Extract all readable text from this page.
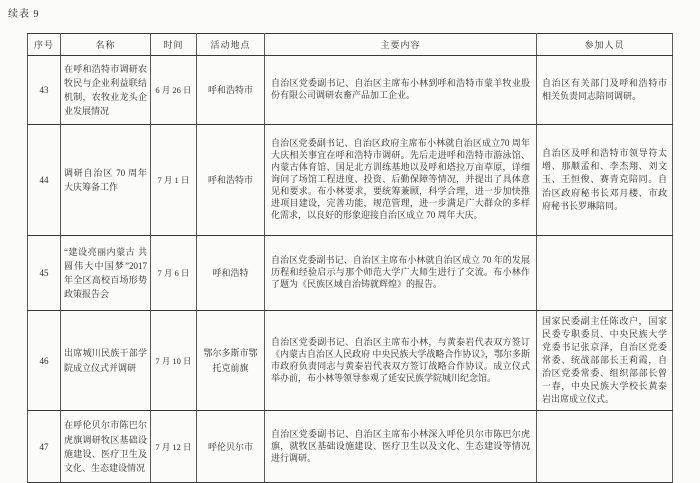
续表 9
序号	名称	时间	活动地点	主要内容	参加人员
43	在呼和浩特市调研农牧民与企业利益联结机制，农牧业龙头企业发展情况	6 月 26 日	呼和浩特市	自治区党委副书记、自治区主席布小林到呼和浩特市蒙羊牧业股份有限公司调研农畜产品加工企业。	自治区有关部门及呼和浩特市相关负责同志陪同调研。
44	调研自治区 70 周年大庆筹备工作	7 月 1 日	呼和浩特市	自治区党委副书记、自治区政府主席布小林就自治区成立70 周年大庆相关事宜在呼和浩特市调研。先后走进呼和浩特市游泳馆、内蒙古体育馆、国足北方训练基地以及呼和塔拉万亩草原，详细询问了场馆工程进度、投资、后勤保障等情况，并提出了具体意见和要求。布小林要求，要统筹兼顾，科学合理，进一步加快推进项目建设，完善功能，规范管理，进一步满足广大群众的多样化需求，以良好的形象迎接自治区成立 70 周年大庆。	自治区及呼和浩特市领导符太增、那顺孟和、李杰翔、刘文玉、王恒俊、赛青克陪同。自治区政府秘书长邓月楼、市政府秘书长罗琳陪同。
45	“建设亮丽内蒙古 共圆伟大中国梦”2017 年全区高校百场形势政策报告会	7 月 6 日	呼和浩特	自治区党委副书记、自治区主席布小林就自治区成立 70 年的发展历程和经验启示与那个师范大学广大师生进行了交流。布小林作了题为《民族区域自治铸就辉煌》的报告。	
46	出席城川民族干部学院成立仪式并调研	7 月 10 日	鄂尔多斯市鄂托克前旗	自治区党委副书记、自治区主席布小林，与黄泰岩代表双方签订《内蒙古自治区人民政府 中央民族大学战略合作协议》，鄂尔多斯市政府负责同志与黄泰岩代表双方签订战略合作协议。成立仪式举办前，布小林等领导参观了延安民族学院城川纪念馆。	国家民委副主任陈改户，国家民委专职委员、中央民族大学党委书记张京泽，自治区党委常委、统战部部长王莉霞，自治区党委常委、组织部部长曾一春，中央民族大学校长黄泰岩出席成立仪式。
47	在呼伦贝尔市陈巴尔虎旗调研牧区基础设施建设、医疗卫生及文化、生态建设情况	7 月 12 日	呼伦贝尔市	自治区党委副书记、自治区主席布小林深入呼伦贝尔市陈巴尔虎旗，就牧区基础设施建设、医疗卫生以及文化、生态建设等情况进行调研。	
